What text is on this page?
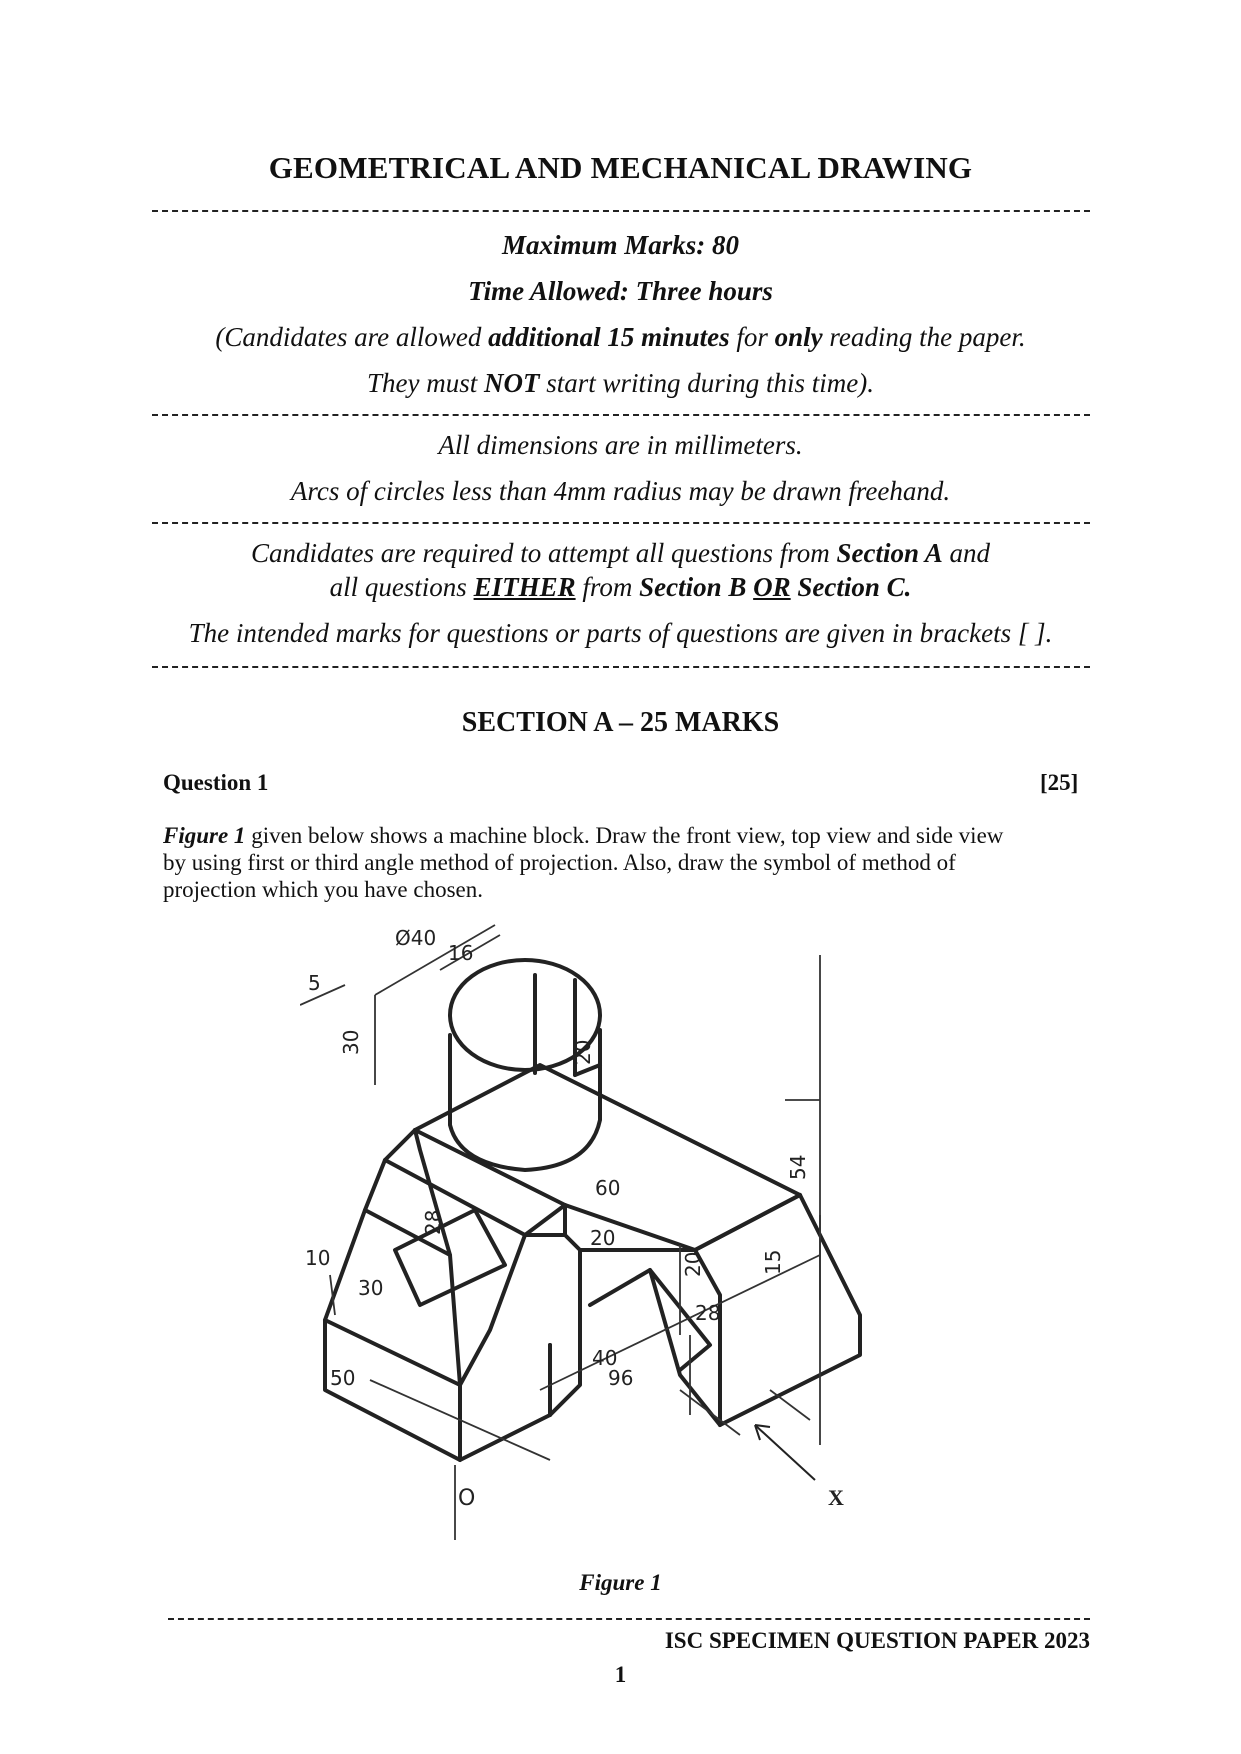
GEOMETRICAL AND MECHANICAL DRAWING
Maximum Marks: 80
Time Allowed: Three hours
(Candidates are allowed additional 15 minutes for only reading the paper.
They must NOT start writing during this time).
All dimensions are in millimeters.
Arcs of circles less than 4mm radius may be drawn freehand.
Candidates are required to attempt all questions from Section A and
all questions EITHER from Section B OR Section C.
The intended marks for questions or parts of questions are given in brackets [ ].
SECTION A – 25 MARKS
Question 1	[25]
Figure 1 given below shows a machine block. Draw the front view, top view and side view by using first or third angle method of projection. Also, draw the symbol of method of projection which you have chosen.
Ø40
16
30	20
5
28
60
54
15
20
20
10
30
28
50
40
96
O	X
Figure 1
ISC SPECIMEN QUESTION PAPER 2023
1
